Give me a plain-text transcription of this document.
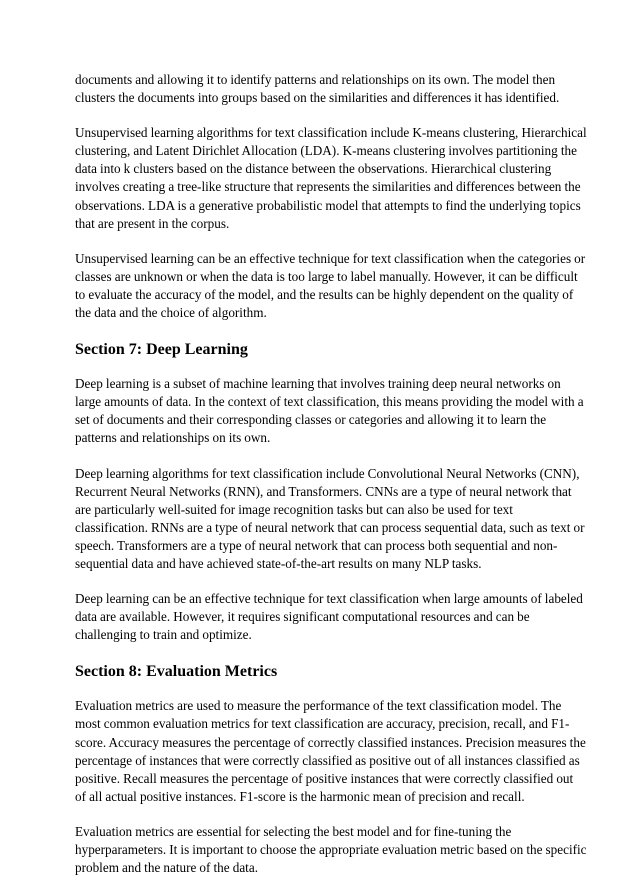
documents and allowing it to identify patterns and relationships on its own. The model then
clusters the documents into groups based on the similarities and differences it has identified.

Unsupervised learning algorithms for text classification include K-means clustering, Hierarchical
clustering, and Latent Dirichlet Allocation (LDA). K-means clustering involves partitioning the
data into k clusters based on the distance between the observations. Hierarchical clustering
involves creating a tree-like structure that represents the similarities and differences between the
observations. LDA is a generative probabilistic model that attempts to find the underlying topics
that are present in the corpus.

Unsupervised learning can be an effective technique for text classification when the categories or
classes are unknown or when the data is too large to label manually. However, it can be difficult
to evaluate the accuracy of the model, and the results can be highly dependent on the quality of
the data and the choice of algorithm.

Section 7: Deep Learning

Deep learning is a subset of machine learning that involves training deep neural networks on
large amounts of data. In the context of text classification, this means providing the model with a
set of documents and their corresponding classes or categories and allowing it to learn the
patterns and relationships on its own.

Deep learning algorithms for text classification include Convolutional Neural Networks (CNN),
Recurrent Neural Networks (RNN), and Transformers. CNNs are a type of neural network that
are particularly well-suited for image recognition tasks but can also be used for text
classification. RNNs are a type of neural network that can process sequential data, such as text or
speech. Transformers are a type of neural network that can process both sequential and non-
sequential data and have achieved state-of-the-art results on many NLP tasks.

Deep learning can be an effective technique for text classification when large amounts of labeled
data are available. However, it requires significant computational resources and can be
challenging to train and optimize.

Section 8: Evaluation Metrics

Evaluation metrics are used to measure the performance of the text classification model. The
most common evaluation metrics for text classification are accuracy, precision, recall, and F1-
score. Accuracy measures the percentage of correctly classified instances. Precision measures the
percentage of instances that were correctly classified as positive out of all instances classified as
positive. Recall measures the percentage of positive instances that were correctly classified out
of all actual positive instances. F1-score is the harmonic mean of precision and recall.

Evaluation metrics are essential for selecting the best model and for fine-tuning the
hyperparameters. It is important to choose the appropriate evaluation metric based on the specific
problem and the nature of the data.
